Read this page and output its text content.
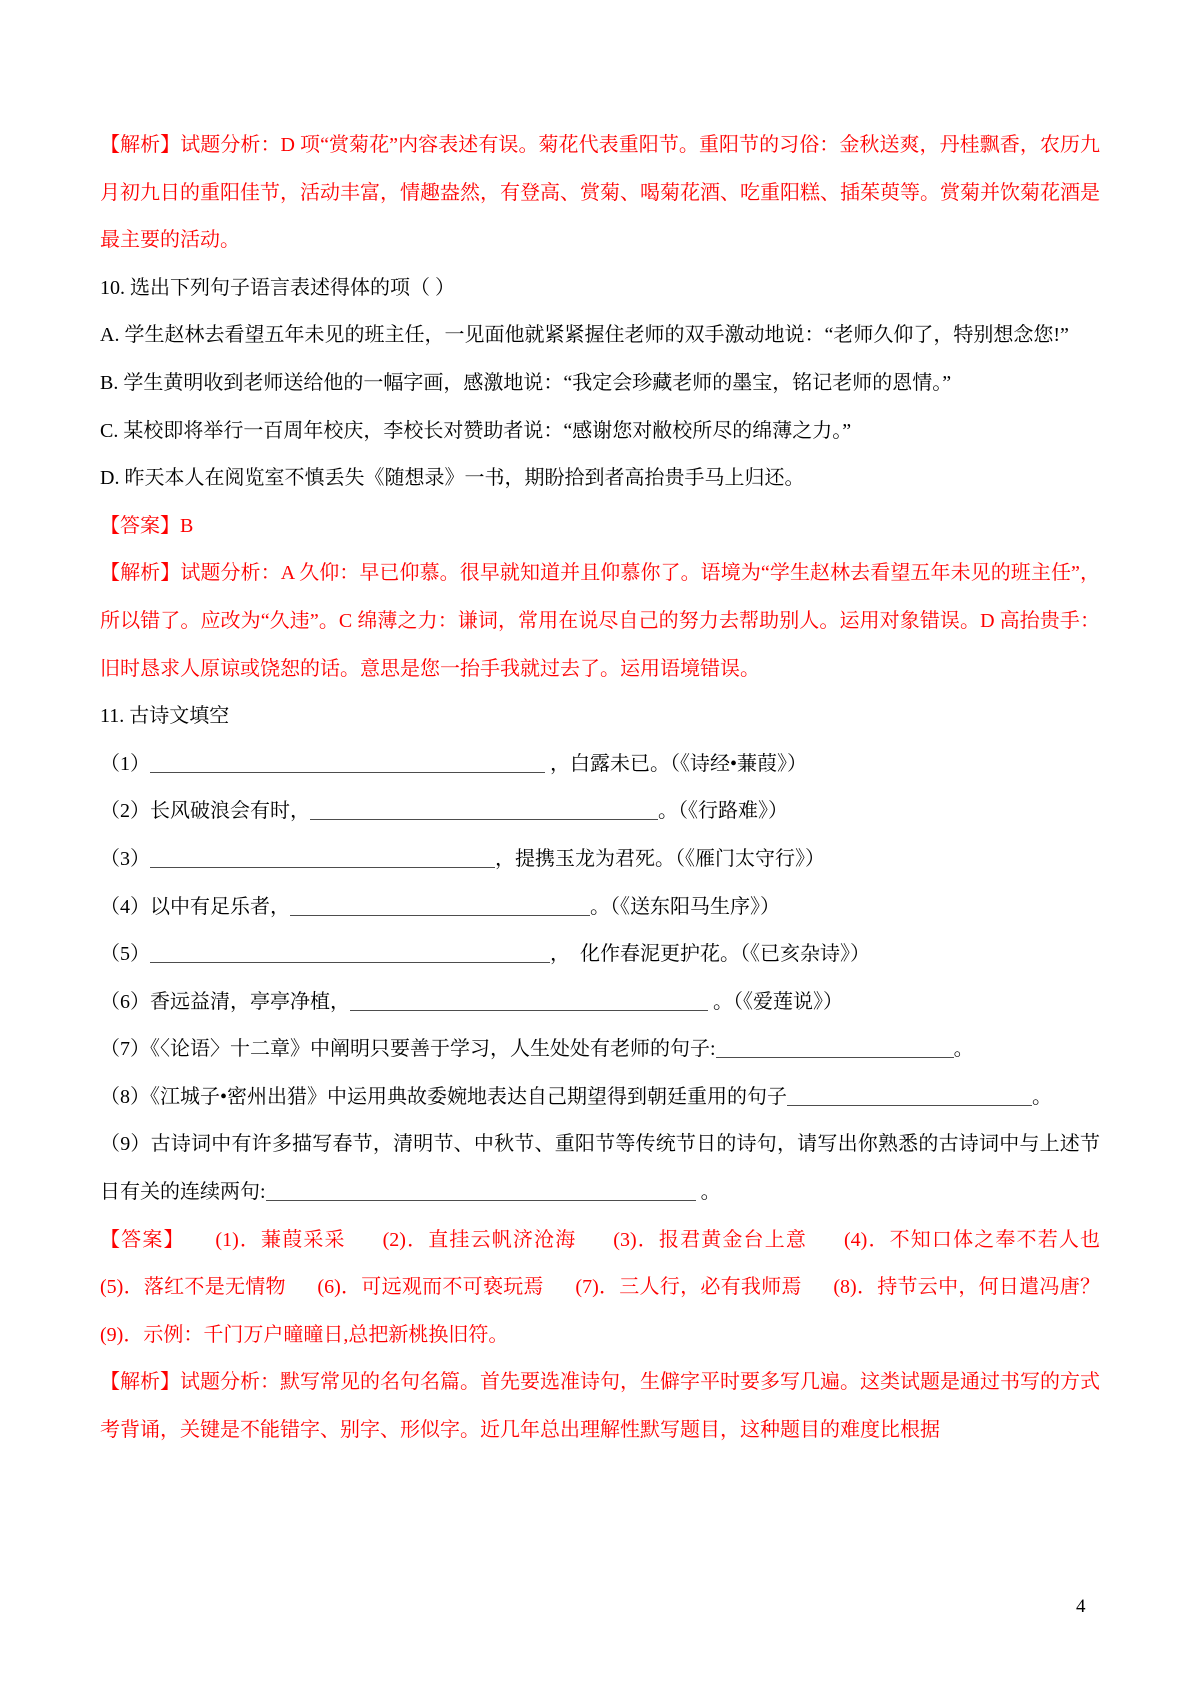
【解析】试题分析：D 项“赏菊花”内容表述有误。菊花代表重阳节。重阳节的习俗：金秋送爽，丹桂飘香，农历九月初九日的重阳佳节，活动丰富，情趣盎然，有登高、赏菊、喝菊花酒、吃重阳糕、插茱萸等。赏菊并饮菊花酒是最主要的活动。

10. 选出下列句子语言表述得体的项（ ）

A. 学生赵林去看望五年未见的班主任，一见面他就紧紧握住老师的双手激动地说：“老师久仰了，特别想念您!”

B. 学生黄明收到老师送给他的一幅字画，感激地说：“我定会珍藏老师的墨宝，铭记老师的恩情。”

C. 某校即将举行一百周年校庆，李校长对赞助者说：“感谢您对敝校所尽的绵薄之力。”

D. 昨天本人在阅览室不慎丢失《随想录》一书，期盼拾到者高抬贵手马上归还。

【答案】B

【解析】试题分析：A 久仰：早已仰慕。很早就知道并且仰慕你了。语境为“学生赵林去看望五年未见的班主任”，所以错了。应改为“久违”。C 绵薄之力：谦词，常用在说尽自己的努力去帮助别人。运用对象错误。D 高抬贵手：旧时恳求人原谅或饶恕的话。意思是您一抬手我就过去了。运用语境错误。

11. 古诗文填空

（1）	，白露未已。（《诗经•蒹葭》）

（2）长风破浪会有时，	。（《行路难》）

（3）	，提携玉龙为君死。（《雁门太守行》）

（4）以中有足乐者，	。（《送东阳马生序》）

（5）	，　化作春泥更护花。（《已亥杂诗》）

（6）香远益清，亭亭净植，	。（《爱莲说》）

（7）《〈论语〉十二章》中阐明只要善于学习，人生处处有老师的句子:	。

（8）《江城子•密州出猎》中运用典故委婉地表达自己期望得到朝廷重用的句子	。

（9）古诗词中有许多描写春节，清明节、中秋节、重阳节等传统节日的诗句，请写出你熟悉的古诗词中与上述节日有关的连续两句:	。

【答案】     (1)．蒹葭采采      (2)．直挂云帆济沧海      (3)．报君黄金台上意      (4)．不知口体之奉不若人也      (5)．落红不是无情物      (6)．可远观而不可亵玩焉      (7)．三人行，必有我师焉      (8)．持节云中，何日遣冯唐？      (9)．示例：千门万户曈曈日,总把新桃换旧符。

【解析】试题分析：默写常见的名句名篇。首先要选准诗句，生僻字平时要多写几遍。这类试题是通过书写的方式考背诵，关键是不能错字、别字、形似字。近几年总出理解性默写题目，这种题目的难度比根据

4
